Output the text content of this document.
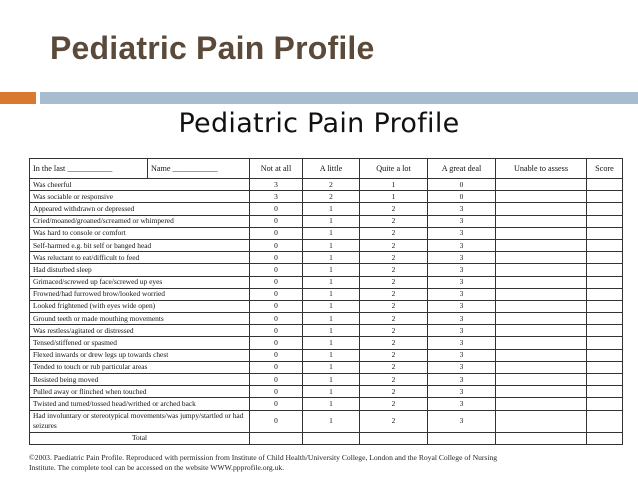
Pediatric Pain Profile
Pediatric Pain Profile
In the last ___________	Name ___________	Not at all	A little	Quite a lot	A great deal	Unable to assess	Score
Was cheerful		3	2	1	0		
Was sociable or responsive		3	2	1	0		
Appeared withdrawn or depressed		0	1	2	3		
Cried/moaned/groaned/screamed or whimpered		0	1	2	3		
Was hard to console or comfort		0	1	2	3		
Self-harmed e.g. bit self or banged head		0	1	2	3		
Was reluctant to eat/difficult to feed		0	1	2	3		
Had disturbed sleep		0	1	2	3		
Grimaced/screwed up face/screwed up eyes		0	1	2	3		
Frowned/had furrowed brow/looked worried		0	1	2	3		
Looked frightened (with eyes wide open)		0	1	2	3		
Ground teeth or made mouthing movements		0	1	2	3		
Was restless/agitated or distressed		0	1	2	3		
Tensed/stiffened or spasmed		0	1	2	3		
Flexed inwards or drew legs up towards chest		0	1	2	3		
Tended to touch or rub particular areas		0	1	2	3		
Resisted being moved		0	1	2	3		
Pulled away or flinched when touched		0	1	2	3		
Twisted and turned/tossed head/writhed or arched back		0	1	2	3		
Had involuntary or stereotypical movements/was jumpy/startled or had seizures		0	1	2	3		
Total							
©2003. Paediatric Pain Profile. Reproduced with permission from Institute of Child Health/University College, London and the Royal College of Nursing
Institute. The complete tool can be accessed on the website WWW.ppprofile.org.uk.
